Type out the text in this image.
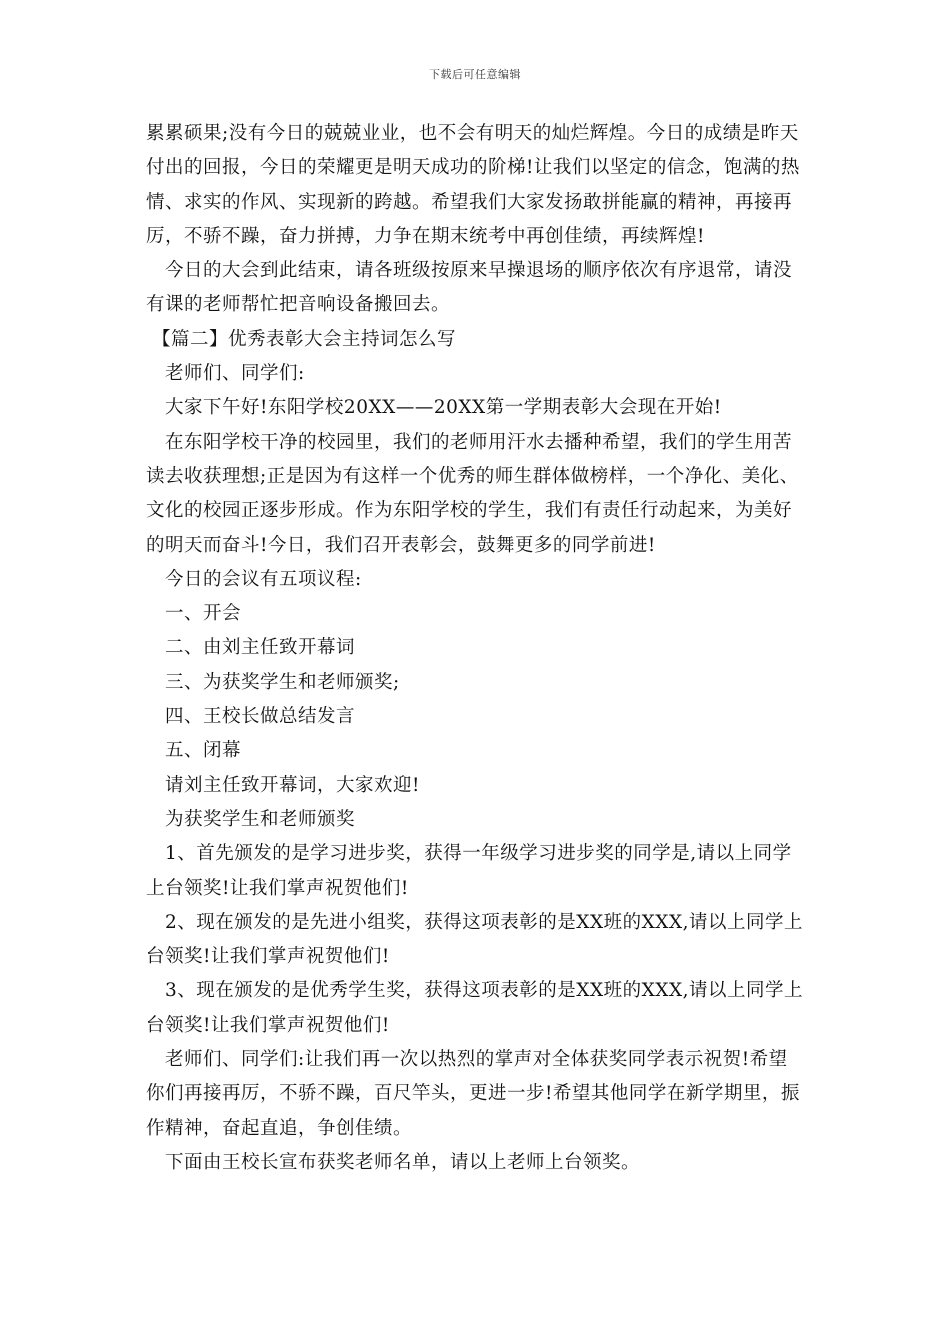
下载后可任意编辑
累累硕果;没有今日的兢兢业业，也不会有明天的灿烂辉煌。今日的成绩是昨天
付出的回报，今日的荣耀更是明天成功的阶梯!让我们以坚定的信念，饱满的热
情、求实的作风、实现新的跨越。希望我们大家发扬敢拼能赢的精神，再接再
厉，不骄不躁，奋力拼搏，力争在期末统考中再创佳绩，再续辉煌!
今日的大会到此结束，请各班级按原来早操退场的顺序依次有序退常，请没
有课的老师帮忙把音响设备搬回去。
【篇二】优秀表彰大会主持词怎么写
老师们、同学们:
大家下午好!东阳学校20XX——20XX第一学期表彰大会现在开始!
在东阳学校干净的校园里，我们的老师用汗水去播种希望，我们的学生用苦
读去收获理想;正是因为有这样一个优秀的师生群体做榜样，一个净化、美化、
文化的校园正逐步形成。作为东阳学校的学生，我们有责任行动起来，为美好
的明天而奋斗!今日，我们召开表彰会，鼓舞更多的同学前进!
今日的会议有五项议程:
一、开会
二、由刘主任致开幕词
三、为获奖学生和老师颁奖;
四、王校长做总结发言
五、闭幕
请刘主任致开幕词，大家欢迎!
为获奖学生和老师颁奖
1、首先颁发的是学习进步奖，获得一年级学习进步奖的同学是,请以上同学
上台领奖!让我们掌声祝贺他们!
2、现在颁发的是先进小组奖，获得这项表彰的是XX班的XXX,请以上同学上
台领奖!让我们掌声祝贺他们!
3、现在颁发的是优秀学生奖，获得这项表彰的是XX班的XXX,请以上同学上
台领奖!让我们掌声祝贺他们!
老师们、同学们:让我们再一次以热烈的掌声对全体获奖同学表示祝贺!希望
你们再接再厉，不骄不躁，百尺竿头，更进一步!希望其他同学在新学期里，振
作精神，奋起直追，争创佳绩。
下面由王校长宣布获奖老师名单，请以上老师上台领奖。
